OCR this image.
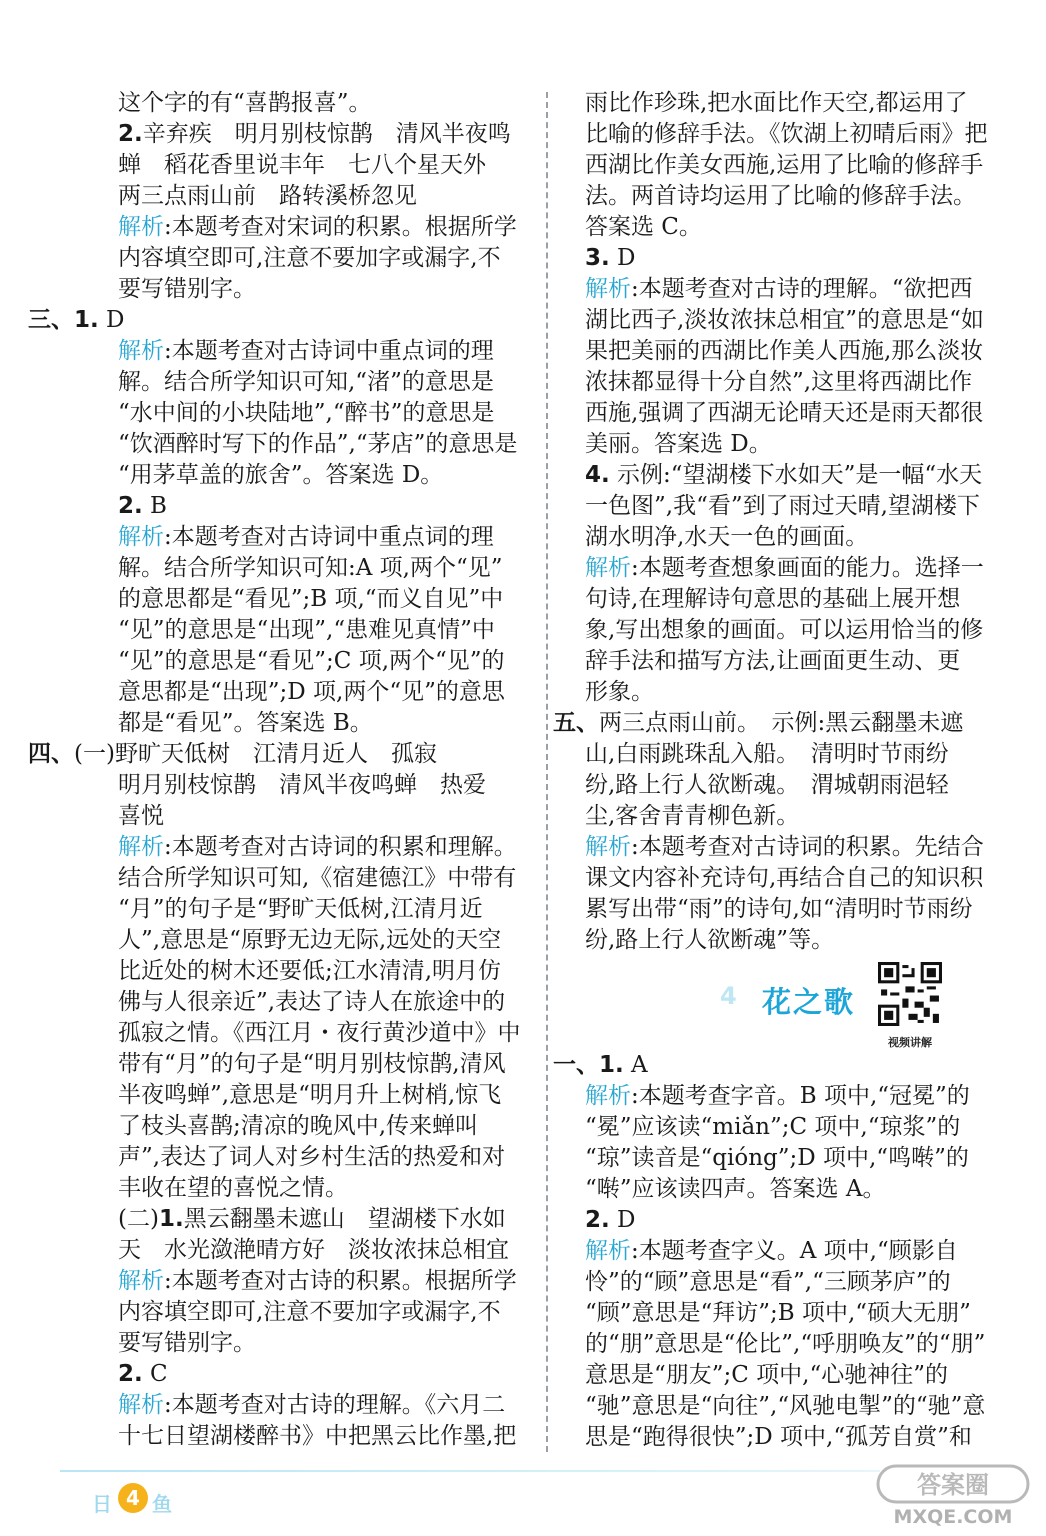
这个字的有“喜鹊报喜”。

2.辛弃疾　明月别枝惊鹊　清风半夜鸣

蝉　稻花香里说丰年　七八个星天外

两三点雨山前　路转溪桥忽见

解析:本题考查对宋词的积累。根据所学

内容填空即可,注意不要加字或漏字,不

要写错别字。

三、1. D

解析:本题考查对古诗词中重点词的理

解。结合所学知识可知,“渚”的意思是

“水中间的小块陆地”,“醉书”的意思是

“饮酒醉时写下的作品”,“茅店”的意思是

“用茅草盖的旅舍”。答案选 D。

2. B

解析:本题考查对古诗词中重点词的理

解。结合所学知识可知:A 项,两个“见”

的意思都是“看见”;B 项,“而义自见”中

“见”的意思是“出现”,“患难见真情”中

“见”的意思是“看见”;C 项,两个“见”的

意思都是“出现”;D 项,两个“见”的意思

都是“看见”。答案选 B。

四、(一)野旷天低树　江清月近人　孤寂

明月别枝惊鹊　清风半夜鸣蝉　热爱

喜悦

解析:本题考查对古诗词的积累和理解。

结合所学知识可知,《宿建德江》中带有

“月”的句子是“野旷天低树,江清月近

人”,意思是“原野无边无际,远处的天空

比近处的树木还要低;江水清清,明月仿

佛与人很亲近”,表达了诗人在旅途中的

孤寂之情。《西江月・夜行黄沙道中》中

带有“月”的句子是“明月别枝惊鹊,清风

半夜鸣蝉”,意思是“明月升上树梢,惊飞

了枝头喜鹊;清凉的晚风中,传来蝉叫

声”,表达了词人对乡村生活的热爱和对

丰收在望的喜悦之情。

(二)1.黑云翻墨未遮山　望湖楼下水如

天　水光潋滟晴方好　淡妆浓抹总相宜

解析:本题考查对古诗的积累。根据所学

内容填空即可,注意不要加字或漏字,不

要写错别字。

2. C

解析:本题考查对古诗的理解。《六月二

十七日望湖楼醉书》中把黑云比作墨,把

雨比作珍珠,把水面比作天空,都运用了

比喻的修辞手法。《饮湖上初晴后雨》把

西湖比作美女西施,运用了比喻的修辞手

法。两首诗均运用了比喻的修辞手法。

答案选 C。

3. D

解析:本题考查对古诗的理解。“欲把西

湖比西子,淡妆浓抹总相宜”的意思是“如

果把美丽的西湖比作美人西施,那么淡妆

浓抹都显得十分自然”,这里将西湖比作

西施,强调了西湖无论晴天还是雨天都很

美丽。答案选 D。

4. 示例:“望湖楼下水如天”是一幅“水天

一色图”,我“看”到了雨过天晴,望湖楼下

湖水明净,水天一色的画面。

解析:本题考查想象画面的能力。选择一

句诗,在理解诗句意思的基础上展开想

象,写出想象的画面。可以运用恰当的修

辞手法和描写方法,让画面更生动、更

形象。

五、两三点雨山前。　示例:黑云翻墨未遮

山,白雨跳珠乱入船。　清明时节雨纷

纷,路上行人欲断魂。　渭城朝雨浥轻

尘,客舍青青柳色新。

解析:本题考查对古诗词的积累。先结合

课文内容补充诗句,再结合自己的知识积

累写出带“雨”的诗句,如“清明时节雨纷

纷,路上行人欲断魂”等。

一、1. A

解析:本题考查字音。B 项中,“冠冕”的

“冕”应该读“miǎn”;C 项中,“琼浆”的

“琼”读音是“qióng”;D 项中,“鸣啭”的

“啭”应该读四声。答案选 A。

2. D

解析:本题考查字义。A 项中,“顾影自

怜”的“顾”意思是“看”,“三顾茅庐”的

“顾”意思是“拜访”;B 项中,“硕大无朋”

的“朋”意思是“伦比”,“呼朋唤友”的“朋”

意思是“朋友”;C 项中,“心驰神往”的

“驰”意思是“向往”,“风驰电掣”的“驰”意

思是“跑得很快”;D 项中,“孤芳自赏”和

4 花之歌
视频讲解
日 4 鱼
答案圈
MXQE.COM
